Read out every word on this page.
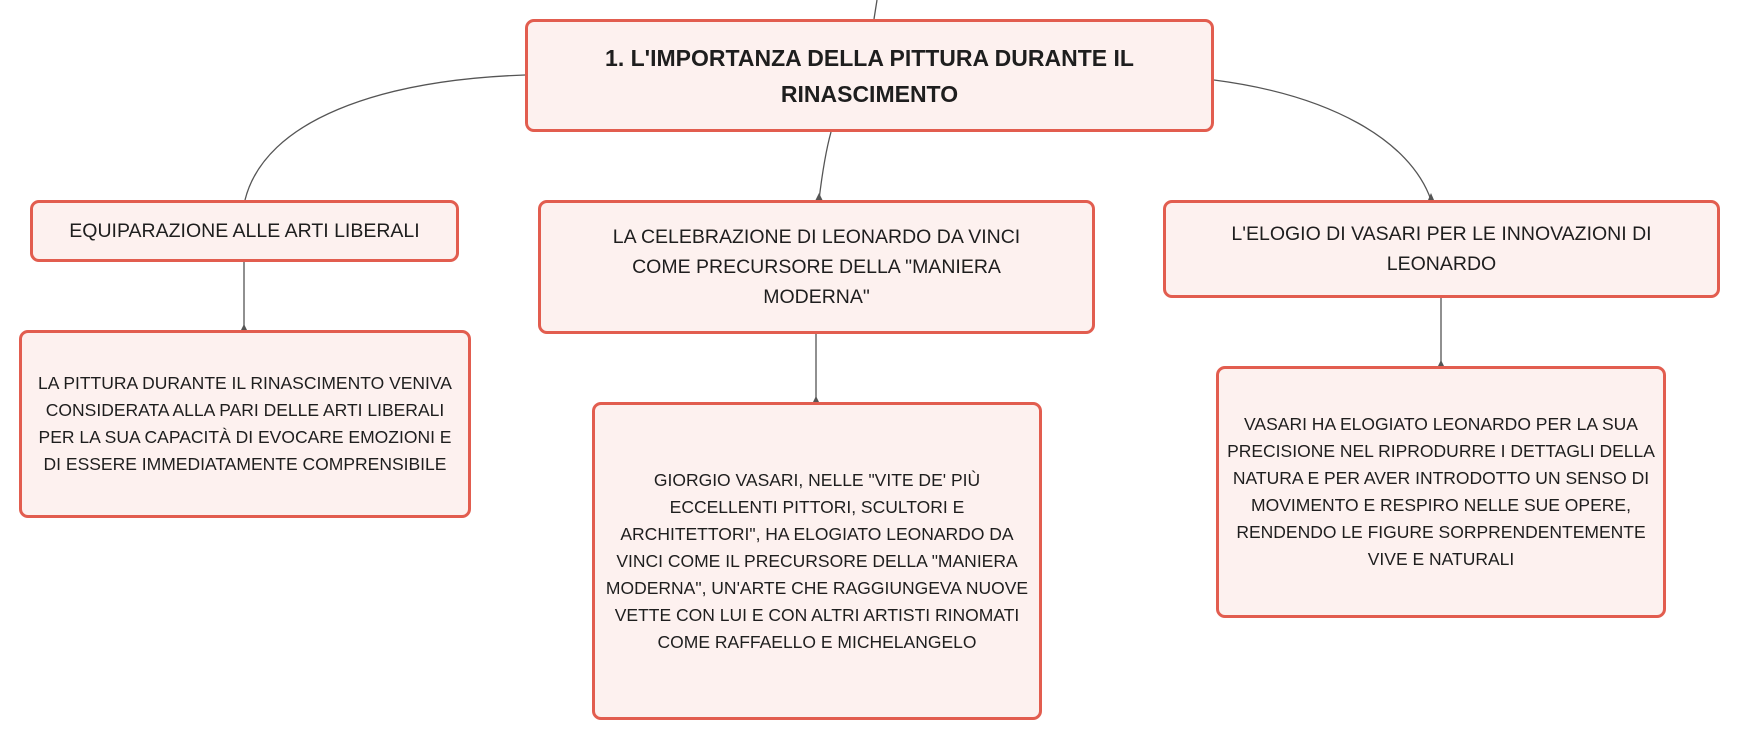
1. L'IMPORTANZA DELLA PITTURA DURANTE IL RINASCIMENTO
EQUIPARAZIONE ALLE ARTI LIBERALI	LA CELEBRAZIONE DI LEONARDO DA VINCI COME PRECURSORE DELLA "MANIERA MODERNA"
L'ELOGIO DI VASARI PER LE INNOVAZIONI DI LEONARDO
LA PITTURA DURANTE IL RINASCIMENTO VENIVA CONSIDERATA ALLA PARI DELLE ARTI LIBERALI PER LA SUA CAPACITÀ DI EVOCARE EMOZIONI E DI ESSERE IMMEDIATAMENTE COMPRENSIBILE
GIORGIO VASARI, NELLE "VITE DE' PIÙ ECCELLENTI PITTORI, SCULTORI E ARCHITETTORI", HA ELOGIATO LEONARDO DA VINCI COME IL PRECURSORE DELLA "MANIERA MODERNA", UN'ARTE CHE RAGGIUNGEVA NUOVE VETTE CON LUI E CON ALTRI ARTISTI RINOMATI COME RAFFAELLO E MICHELANGELO
VASARI HA ELOGIATO LEONARDO PER LA SUA PRECISIONE NEL RIPRODURRE I DETTAGLI DELLA NATURA E PER AVER INTRODOTTO UN SENSO DI MOVIMENTO E RESPIRO NELLE SUE OPERE, RENDENDO LE FIGURE SORPRENDENTEMENTE VIVE E NATURALI
